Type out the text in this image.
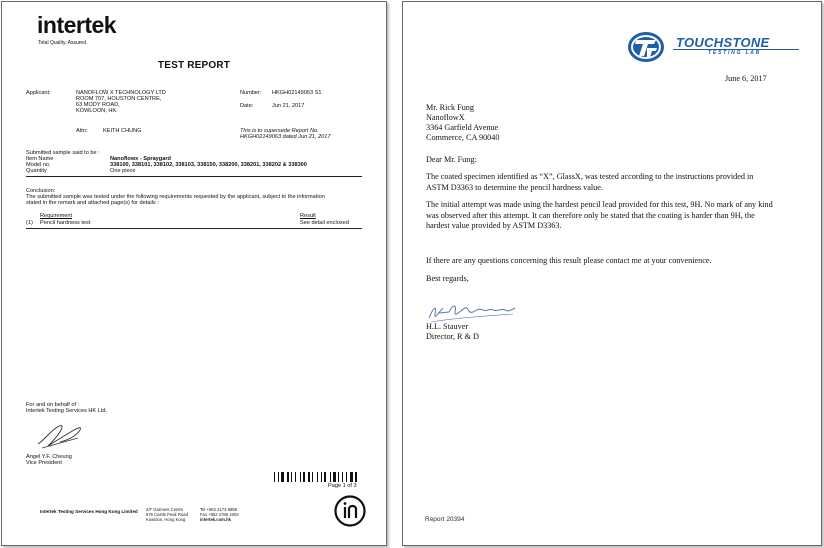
intertek
Total Quality. Assured.
TEST REPORT
Applicant:	NANOFLOW X TECHNOLOGY LTD
ROOM 707, HOUSTON CENTRE,
63 MODY ROAD,
KOWLOON, HK.
Attn:	KEITH CHUNG
Number: HKGH02149063 S1
Date:	Jun 21, 2017
This is to supersede Report No.
HKGH02149063 dated Jun 21, 2017
Submitted sample said to be :
Item Name	Nanoflowx - Spraygard
Model no.	338100, 338101, 338102, 338103, 338150, 338200, 338201, 338202 & 338300
Quantity	One piece
Conclusion:
The submitted sample was tested under the following requirements requested by the applicant, subject to the information
stated in the remark and attached page(s) for details :
Requirement	Result
(1) Pencil hardness test	See detail enclosed
For and on behalf of :
Intertek Testing Services HK Ltd.
Angel Y.F. Cheung
Vice President
Page 1 of 3
Intertek Testing Services Hong Kong Limited 2/F Garment Centre
576 Castle Peak Road
Kowloon, Hong Kong
Tel +852 2173 8888
Fax +852 2786 1903
intertek.com.hk
TOUCHSTONE
TESTING LAB
June 6, 2017
Mr. Rick Fung
NanoflowX
3364 Garfield Avenue
Commerce, CA 90040
Dear Mr. Fung:
The coated specimen identified as “X”, GlassX, was tested according to the instructions provided in ASTM D3363 to determine the pencil hardness value.
The initial attempt was made using the hardest pencil lead provided for this test, 9H. No mark of any kind was observed after this attempt. It can therefore only be stated that the coating is harder than 9H, the hardest value provided by ASTM D3363.
If there are any questions concerning this result please contact me at your convenience.
Best regards,
H.L. Stauver
Director, R & D
Report 20394
